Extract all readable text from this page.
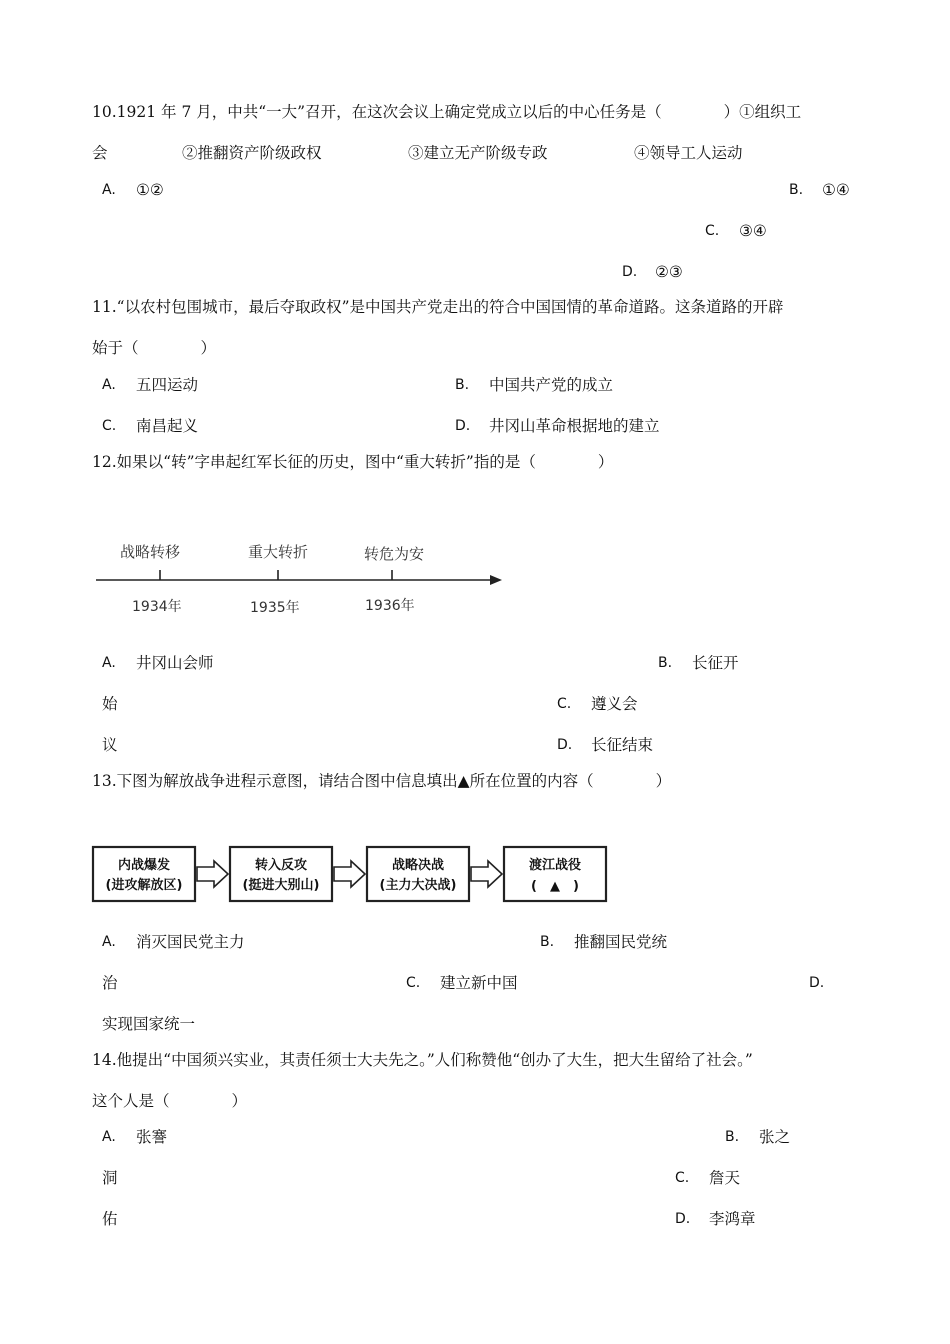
10.1921 年 7 月，中共“一大”召开，在这次会议上确定党成立以后的中心任务是（　　　　）①组织工
会	②推翻资产阶级政权	③建立无产阶级专政	④领导工人运动
A. ①②	B. ①④
C. ③④
D. ②③
11.“以农村包围城市，最后夺取政权”是中国共产党走出的符合中国国情的革命道路。这条道路的开辟
始于（　　　　）
A. 五四运动	B. 中国共产党的成立
C. 南昌起义	D. 井冈山革命根据地的建立
12.如果以“转”字串起红军长征的历史，图中“重大转折”指的是（　　　　）
战略转移	重大转折	转危为安
1934年	1935年	1936年
A. 井冈山会师	B. 长征开
始	C. 遵义会
议	D. 长征结束
13.下图为解放战争进程示意图，请结合图中信息填出▲所在位置的内容（　　　　）
内战爆发
(进攻解放区)
转入反攻
(挺进大别山)
战略决战
(主力大决战)
渡江战役
(　▲　)
A. 消灭国民党主力	B. 推翻国民党统
治	C. 建立新中国	D.
实现国家统一
14.他提出“中国须兴实业，其责任须士大夫先之。”人们称赞他“创办了大生，把大生留给了社会。”
这个人是（　　　　）
A. 张謇	B. 张之
洞	C. 詹天
佑	D. 李鸿章
